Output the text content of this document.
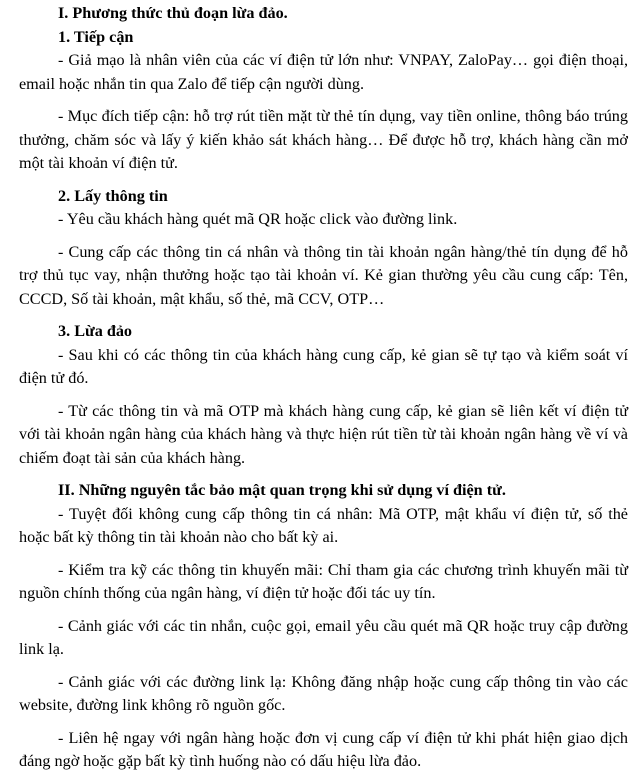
I. Phương thức thủ đoạn lừa đảo.
1. Tiếp cận

- Giả mạo là nhân viên của các ví điện tử lớn như: VNPAY, ZaloPay… gọi điện thoại, email hoặc nhắn tin qua Zalo để tiếp cận người dùng.

- Mục đích tiếp cận: hỗ trợ rút tiền mặt từ thẻ tín dụng, vay tiền online, thông báo trúng thưởng, chăm sóc và lấy ý kiến khảo sát khách hàng… Để được hỗ trợ, khách hàng cần mở một tài khoản ví điện tử.

2. Lấy thông tin

- Yêu cầu khách hàng quét mã QR hoặc click vào đường link.

- Cung cấp các thông tin cá nhân và thông tin tài khoản ngân hàng/thẻ tín dụng để hỗ trợ thủ tục vay, nhận thưởng hoặc tạo tài khoản ví. Kẻ gian thường yêu cầu cung cấp: Tên, CCCD, Số tài khoản, mật khẩu, số thẻ, mã CCV, OTP…

3. Lừa đảo

- Sau khi có các thông tin của khách hàng cung cấp, kẻ gian sẽ tự tạo và kiểm soát ví điện tử đó.

- Từ các thông tin và mã OTP mà khách hàng cung cấp, kẻ gian sẽ liên kết ví điện tử với tài khoản ngân hàng của khách hàng và thực hiện rút tiền từ tài khoản ngân hàng về ví và chiếm đoạt tài sản của khách hàng.

II. Những nguyên tắc bảo mật quan trọng khi sử dụng ví điện tử.

- Tuyệt đối không cung cấp thông tin cá nhân: Mã OTP, mật khẩu ví điện tử, số thẻ hoặc bất kỳ thông tin tài khoản nào cho bất kỳ ai.

- Kiểm tra kỹ các thông tin khuyến mãi: Chỉ tham gia các chương trình khuyến mãi từ nguồn chính thống của ngân hàng, ví điện tử hoặc đối tác uy tín.

- Cảnh giác với các tin nhắn, cuộc gọi, email yêu cầu quét mã QR hoặc truy cập đường link lạ.

- Cảnh giác với các đường link lạ: Không đăng nhập hoặc cung cấp thông tin vào các website, đường link không rõ nguồn gốc.

- Liên hệ ngay với ngân hàng hoặc đơn vị cung cấp ví điện tử khi phát hiện giao dịch đáng ngờ hoặc gặp bất kỳ tình huống nào có dấu hiệu lừa đảo.
